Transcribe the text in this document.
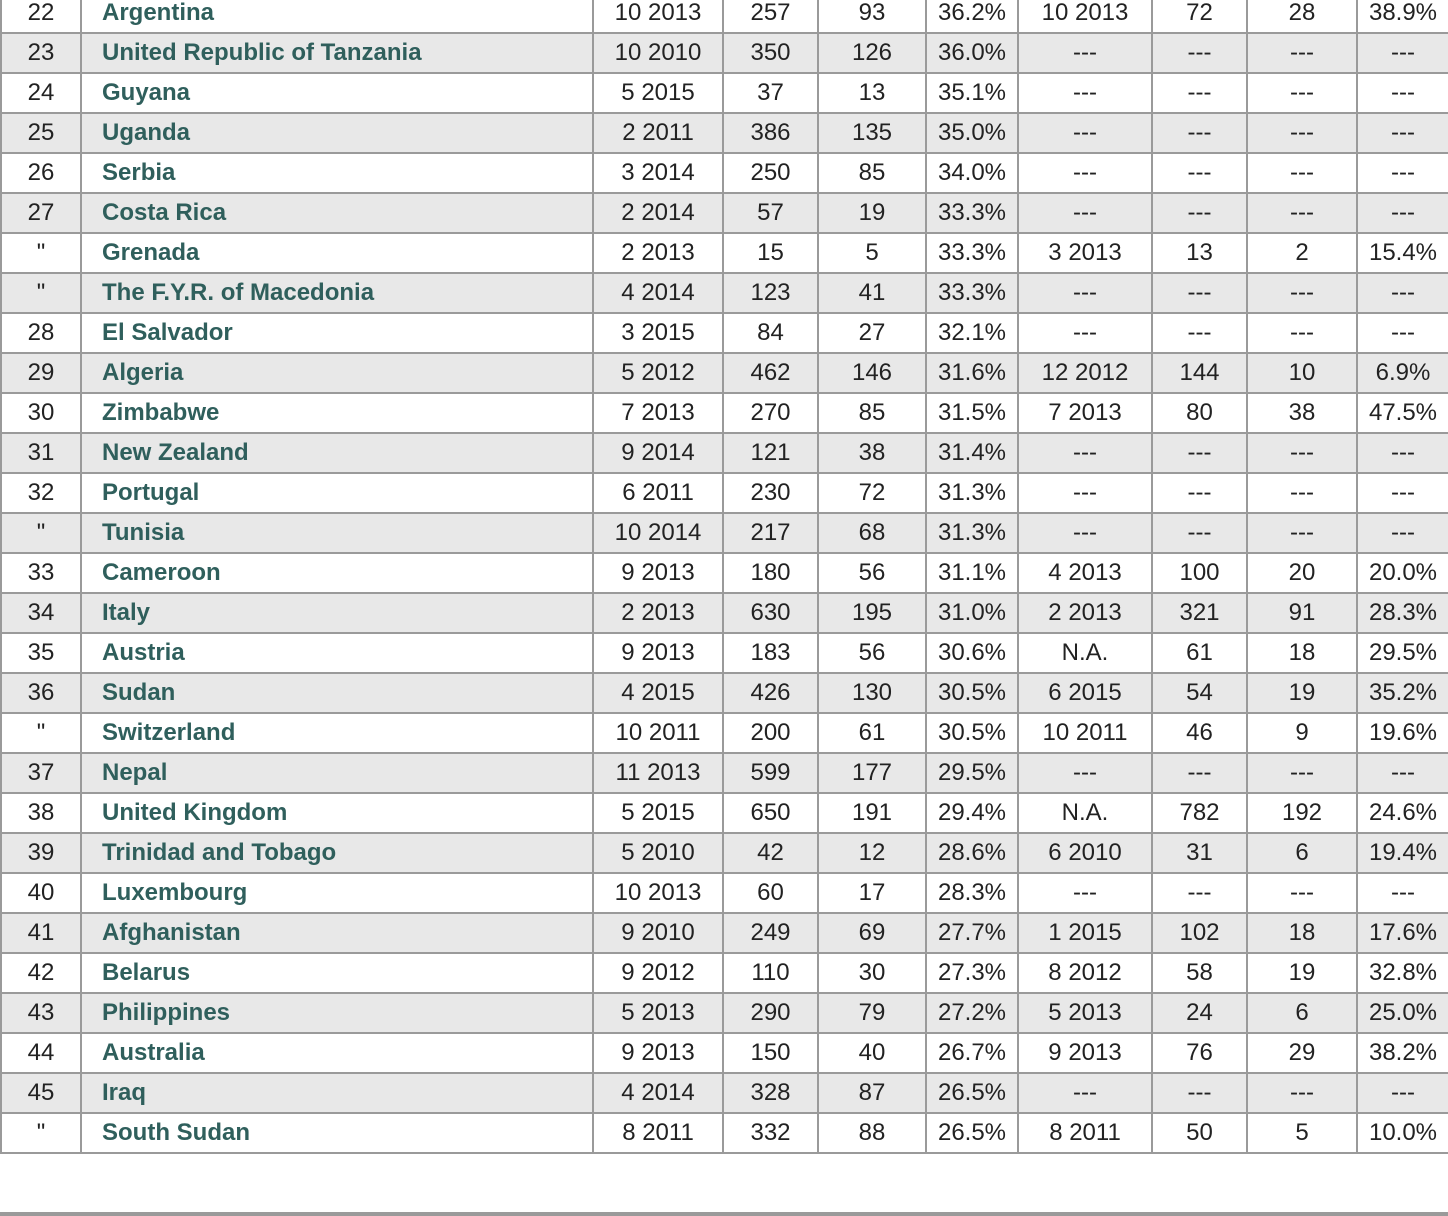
22	Argentina	10 2013	257	93	36.2%	10 2013	72	28	38.9%
23	United Republic of Tanzania	10 2010	350	126	36.0%	---	---	---	---
24	Guyana	5 2015	37	13	35.1%	---	---	---	---
25	Uganda	2 2011	386	135	35.0%	---	---	---	---
26	Serbia	3 2014	250	85	34.0%	---	---	---	---
27	Costa Rica	2 2014	57	19	33.3%	---	---	---	---
"	Grenada	2 2013	15	5	33.3%	3 2013	13	2	15.4%
"	The F.Y.R. of Macedonia	4 2014	123	41	33.3%	---	---	---	---
28	El Salvador	3 2015	84	27	32.1%	---	---	---	---
29	Algeria	5 2012	462	146	31.6%	12 2012	144	10	6.9%
30	Zimbabwe	7 2013	270	85	31.5%	7 2013	80	38	47.5%
31	New Zealand	9 2014	121	38	31.4%	---	---	---	---
32	Portugal	6 2011	230	72	31.3%	---	---	---	---
"	Tunisia	10 2014	217	68	31.3%	---	---	---	---
33	Cameroon	9 2013	180	56	31.1%	4 2013	100	20	20.0%
34	Italy	2 2013	630	195	31.0%	2 2013	321	91	28.3%
35	Austria	9 2013	183	56	30.6%	N.A.	61	18	29.5%
36	Sudan	4 2015	426	130	30.5%	6 2015	54	19	35.2%
"	Switzerland	10 2011	200	61	30.5%	10 2011	46	9	19.6%
37	Nepal	11 2013	599	177	29.5%	---	---	---	---
38	United Kingdom	5 2015	650	191	29.4%	N.A.	782	192	24.6%
39	Trinidad and Tobago	5 2010	42	12	28.6%	6 2010	31	6	19.4%
40	Luxembourg	10 2013	60	17	28.3%	---	---	---	---
41	Afghanistan	9 2010	249	69	27.7%	1 2015	102	18	17.6%
42	Belarus	9 2012	110	30	27.3%	8 2012	58	19	32.8%
43	Philippines	5 2013	290	79	27.2%	5 2013	24	6	25.0%
44	Australia	9 2013	150	40	26.7%	9 2013	76	29	38.2%
45	Iraq	4 2014	328	87	26.5%	---	---	---	---
"	South Sudan	8 2011	332	88	26.5%	8 2011	50	5	10.0%
